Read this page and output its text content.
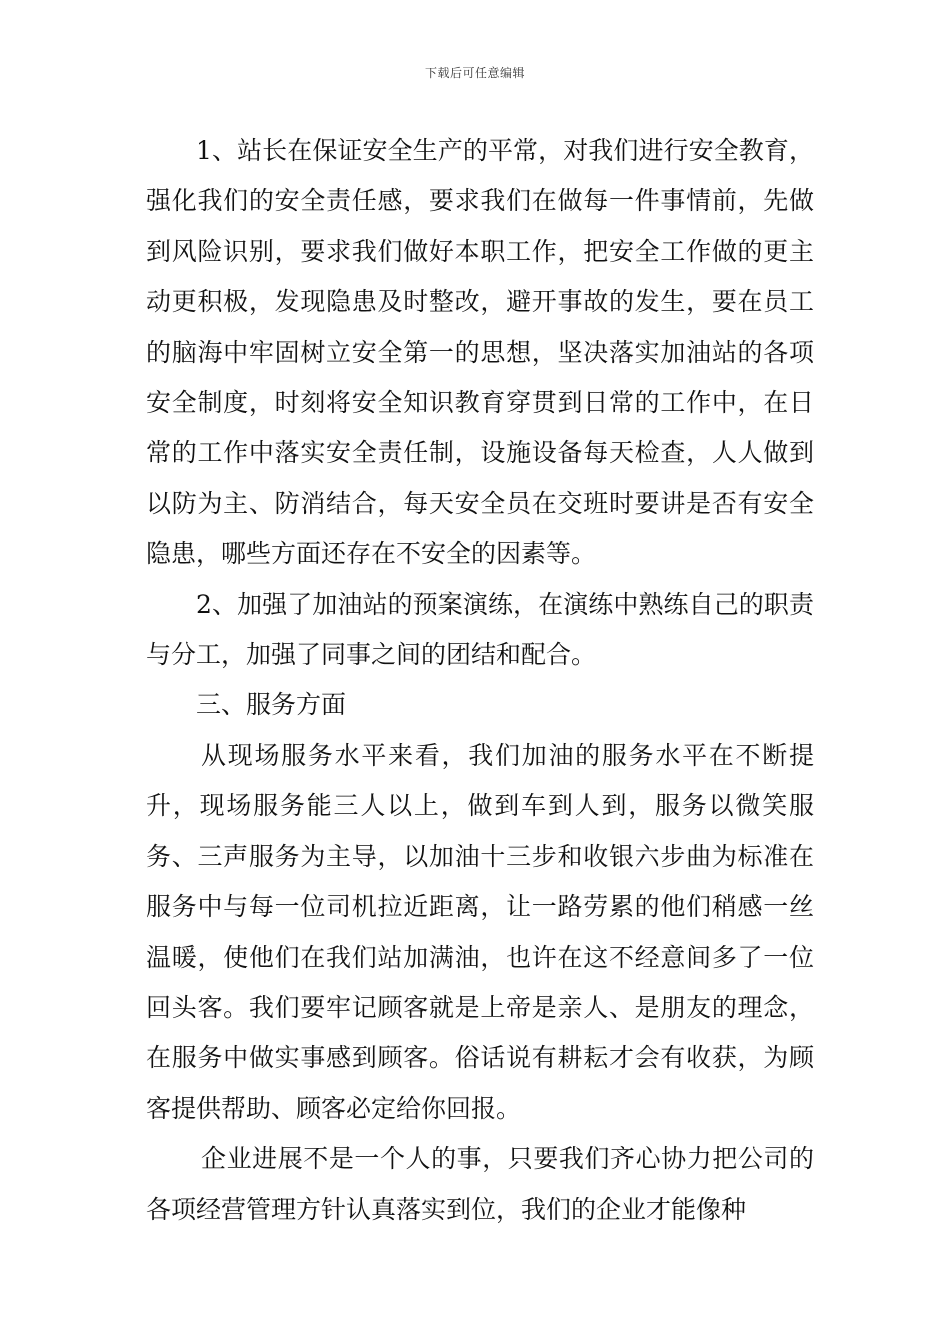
下载后可任意编辑

1、站长在保证安全生产的平常，对我们进行安全教育，强化我们的安全责任感，要求我们在做每一件事情前，先做到风险识别，要求我们做好本职工作，把安全工作做的更主动更积极，发现隐患及时整改，避开事故的发生，要在员工的脑海中牢固树立安全第一的思想，坚决落实加油站的各项安全制度，时刻将安全知识教育穿贯到日常的工作中，在日常的工作中落实安全责任制，设施设备每天检查，人人做到以防为主、防消结合，每天安全员在交班时要讲是否有安全隐患，哪些方面还存在不安全的因素等。

2、加强了加油站的预案演练，在演练中熟练自己的职责与分工，加强了同事之间的团结和配合。

三、服务方面

从现场服务水平来看，我们加油的服务水平在不断提升，现场服务能三人以上，做到车到人到，服务以微笑服务、三声服务为主导，以加油十三步和收银六步曲为标准在服务中与每一位司机拉近距离，让一路劳累的他们稍感一丝温暖，使他们在我们站加满油，也许在这不经意间多了一位回头客。我们要牢记顾客就是上帝是亲人、是朋友的理念，在服务中做实事感到顾客。俗话说有耕耘才会有收获，为顾客提供帮助、顾客必定给你回报。

企业进展不是一个人的事，只要我们齐心协力把公司的各项经营管理方针认真落实到位，我们的企业才能像种
